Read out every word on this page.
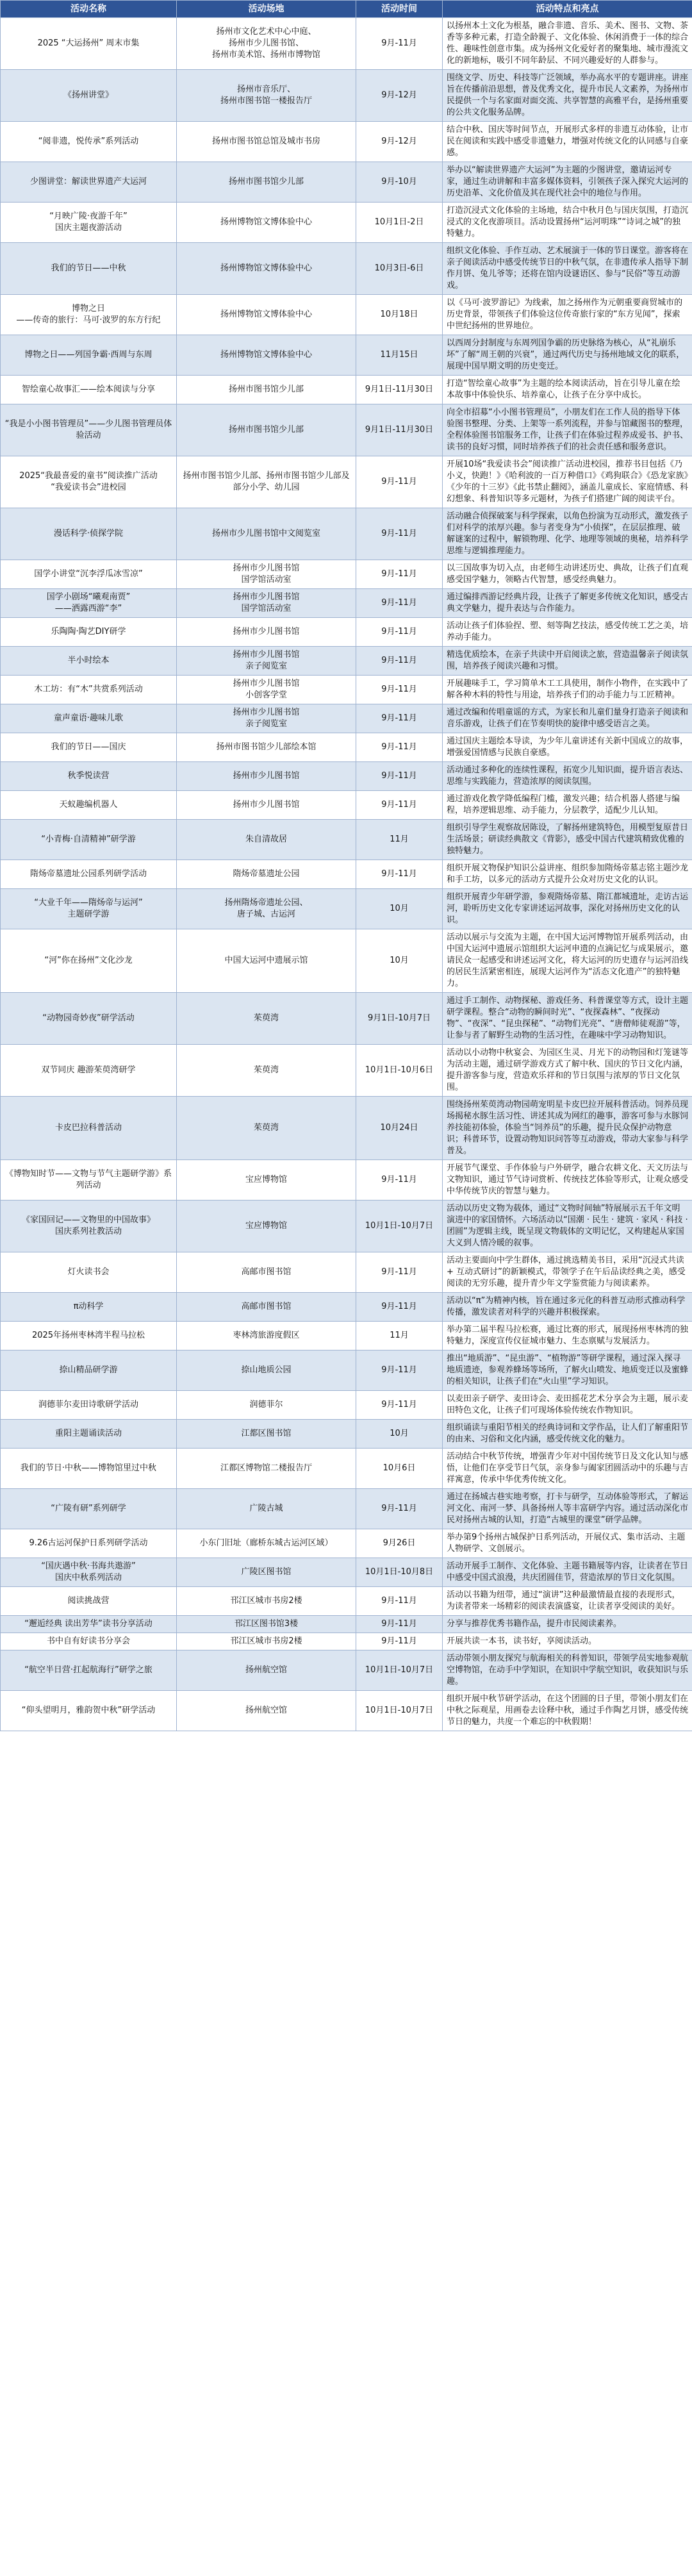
活动名称	活动场地	活动时间	活动特点和亮点
2025 “大运扬州” 周末市集	扬州市文化艺术中心中庭、
扬州市少儿图书馆、
扬州市美术馆、扬州市博物馆	9月-11月	以扬州本土文化为根基，融合非遗、音乐、美术、图书、文物、茶香等多种元素，打造全龄親子、文化体验、休闲消费于一体的综合性、趣味性创意市集。成为扬州文化爱好者的聚集地、城市漫流文化的新地标，吸引不同年龄层、不同兴趣爱好的人群参与。
《扬州讲堂》	扬州市音乐厅、
扬州市图书馆一楼报告厅	9月-12月	围绕文学、历史、科技等广泛领域，举办高水平的专题讲座。讲座旨在传播前沿思想，普及优秀文化，提升市民人文素养，为扬州市民提供一个与名家面对面交流、共享智慧的高雅平台，是扬州重要的公共文化服务品牌。
“阅非遗，悦传承”系列活动	扬州市图书馆总馆及城市书房	9月-12月	结合中秋、国庆等时间节点，开展形式多样的非遗互动体验，让市民在阅读和实践中感受非遗魅力，增强对传统文化的认同感与自豪感。
少图讲堂：解读世界遗产大运河	扬州市图书馆少儿部	9月-10月	举办以“解读世界遗产大运河”为主题的少图讲堂，邀请运河专家，通过生动讲解和丰富多媒体资料，引领孩子深入探究大运河的历史沿革、文化价值及其在现代社会中的地位与作用。
“月映广陵·夜游千年”
国庆主题夜游活动	扬州博物馆文博体验中心	10月1日-2日	打造沉浸式文化体验的主场地，结合中秋月色与国庆氛围，打造沉浸式的文化夜游项目。活动设置扬州“运河明珠”“诗词之城”的独特魅力。
我们的节日——中秋	扬州博物馆文博体验中心	10月3日-6日	组织文化体验、手作互动、艺术展演于一体的节日课堂。游客将在亲子阅读活动中感受传统节日的中秋气氛，在非遗传承人指导下制作月饼、兔儿爷等；还将在馆内设谜语区、参与“民俗”等互动游戏。
博物之日
——传奇的旅行：马可·波罗的东方行纪	扬州博物馆文博体验中心	10月18日	以《马可·波罗游记》为线索，加之扬州作为元朝重要商贸城市的历史背景，带领孩子们体验这位传奇旅行家的“东方见闻”，探索中世纪扬州的世界地位。
博物之日——列国争霸·西周与东周	扬州博物馆文博体验中心	11月15日	以西周分封制度与东周列国争霸的历史脉络为核心，从“礼崩乐坏”了解“周王朝的兴衰”，通过两代历史与扬州地域文化的联系，展现中国早期文明的历史变迁。
智绘童心故事汇——绘本阅读与分享	扬州市图书馆少儿部	9月1日-11月30日	打造“智绘童心故事”为主题的绘本阅读活动，旨在引导儿童在绘本故事中体验快乐、培养童心，让孩子在分享中成长。
“我是小小图书管理员”——少儿图书管理员体验活动	扬州市图书馆少儿部	9月1日-11月30日	向全市招募“小小图书管理员”，小朋友们在工作人员的指导下体验图书整理、分类、上架等一系列流程，并参与馆藏图书的整理，全程体验图书馆服务工作，让孩子们在体验过程养成爱书、护书、读书的良好习惯，同时培养孩子们的社会责任感和服务意识。
2025“我最喜爱的童书”阅读推广活动
“我爱读书会”进校园	扬州市图书馆少儿部、扬州市图书馆少儿部及部分小学、幼儿园	9月-11月	开展10场“我爱读书会”阅读推广活动进校园，推荐书目包括《乃小义，快跑！》《哈利波的一百万种借口》《鸡狗联合》《恐龙家族》《少年的十三岁》《此书禁止翻阅》，涵盖儿童成长、家庭情感、科幻想象、科普知识等多元题材，为孩子们搭建广阔的阅读平台。
漫话科学·侦探学院	扬州市少儿图书馆中文阅览室	9月-11月	活动融合侦探破案与科学探索，以角色扮演为互动形式，激发孩子们对科学的浓厚兴趣。参与者变身为“小侦探”，在层层推理、破解谜案的过程中，解锁物理、化学、地理等领域的奥秘，培养科学思维与逻辑推理能力。
国学小讲堂“沉李浮瓜冰雪凉”	扬州市少儿图书馆
国学馆活动室	9月-11月	以三国故事为切入点，由老师生动讲述历史、典故，让孩子们直观感受国学魅力，领略古代智慧，感受经典魅力。
国学小剧场“曦观南贾”
——洒露西游“李”	扬州市少儿图书馆
国学馆活动室	9月-11月	通过编排西游记经典片段，让孩子了解更多传统文化知识，感受古典文学魅力，提升表达与合作能力。
乐陶陶·陶艺DIY研学	扬州市少儿图书馆	9月-11月	活动让孩子们体验捏、塑、刻等陶艺技法，感受传统工艺之美，培养动手能力。
半小时绘本	扬州市少儿图书馆
亲子阅览室	9月-11月	精选优质绘本，在亲子共读中开启阅读之旅，营造温馨亲子阅读氛围，培养孩子阅读兴趣和习惯。
木工坊：有“木”共赏系列活动	扬州市少儿图书馆
小创客学堂	9月-11月	开展趣味手工，学习简单木工工具使用，制作小物件，在实践中了解各种木料的特性与用途，培养孩子们的动手能力与工匠精神。
童声童语·趣味儿歌	扬州市少儿图书馆
亲子阅览室	9月-11月	通过改编和传唱童谣的方式，为家长和儿童们量身打造亲子阅读和音乐游戏，让孩子们在节奏明快的旋律中感受语言之美。
我们的节日——国庆	扬州市图书馆少儿部绘本馆	9月-11月	通过国庆主题绘本导读，为少年儿童讲述有关新中国成立的故事，增强爱国情感与民族自豪感。
秋季悦读营	扬州市少儿图书馆	9月-11月	活动通过多种化的连续性课程，拓宽少儿知识面，提升语言表达、思维与实践能力，营造浓厚的阅读氛围。
天蚁趣编机器人	扬州市少儿图书馆	9月-11月	通过游戏化教学降低编程门槛，激发兴趣；结合机器人搭建与编程，培养逻辑思维、动手能力，分层教学，适配少儿认知。
“小青梅·自清精神”研学游	朱自清故居	11月	组织引导学生观察故居陈设，了解扬州建筑特色，用模型复原昔日生活场景；研读经典散文《背影》，感受中国古代建筑精致优雅的独特魅力。
隋炀帝墓遗址公园系列研学活动	隋炀帝墓遗址公园	9月-11月	组织开展文物保护知识公益讲座、组织参加隋炀帝墓志铭主题沙龙和手工坊，以多元的活动方式提升公众对历史文化的认识。
“大业千年——隋炀帝与运河”
主题研学游	扬州隋炀帝遗址公园、
唐子城、古运河	10月	组织开展青少年研学游，参观隋炀帝墓、隋江都城遗址，走访古运河，聆听历史文化专家讲述运河故事，深化对扬州历史文化的认识。
“河”你在扬州”文化沙龙	中国大运河中遗展示馆	10月	活动以展示与交流为主题，在中国大运河博物馆开展系列活动，由中国大运河中遗展示馆组织大运河申遗的点滴记忆与成果展示，邀请民众一起感受和讲述运河文化，将大运河的历史遗存与运河沿线的居民生活紧密相连，展现大运河作为“活态文化遗产”的独特魅力。
“动物园奇妙夜”研学活动	茱萸湾	9月1日-10月7日	通过手工制作、动物探秘、游戏任务、科普课堂等方式，设计主题研学课程。整合“动物的瞬间时光”、“夜探森林”、“夜探动物”、“夜深”、“昆虫探秘”、“动物们光亮”、“唐僧师徒观游”等，让参与者了解野生动物的生活习性，在趣味中学习动物知识。
双节同庆 趣游茱萸湾研学	茱萸湾	10月1日-10月6日	活动以小动物中秋宴会、为园区生灵、月光下的动物园和灯笼谜等为活动主题，通过研学游戏方式了解中秋、国庆的节日文化内涵，提升游客参与度，营造欢乐祥和的节日氛围与浓厚的节日文化氛围。
卡皮巴拉科普活动	茱萸湾	10月24日	围绕扬州茱萸湾动物园萌宠明星卡皮巴拉开展科普活动。饲养员现场揭秘水豚生活习性、讲述其成为网红的趣事，游客可参与水豚饲养技能初体验，体验当“饲养员”的乐趣，提升民众保护动物意识；科普环节，设置动物知识问答等互动游戏，带动大家参与科学普及。
《博物知时节——文物与节气主题研学游》系列活动	宝应博物馆	9月-11月	开展节气课堂、手作体验与户外研学，融合农耕文化、天文历法与文物知识，通过节气诗词赏析、传统技艺体验等形式，让观众感受中华传统节庆的智慧与魅力。
《家国回记——文物里的中国故事》
国庆系列社教活动	宝应博物馆	10月1日-10月7日	活动以历史文物为载体，通过“文物时间轴”特展展示五千年文明演进中的家国情怀。六场活动以“国潮 · 民生 · 建筑 · 家风 · 科技 · 团圆”为逻辑主线，既呈现文物载体的文明记忆，又构建起从家国大义到人情冷暖的叙事。
灯火读书会	高邮市图书馆	9月-11月	活动主要面向中学生群体，通过挑选精美书目，采用“沉浸式共读 + 互动式研讨”的新颖模式，带领学子在午后品读经典之美，感受阅读的无穷乐趣，提升青少年文学鉴赏能力与阅读素养。
π动科学	高邮市图书馆	9月-11月	活动以“π”为精神内核，旨在通过多元化的科普互动形式推动科学传播，激发读者对科学的兴趣并积极探索。
2025年扬州枣林湾半程马拉松	枣林湾旅游度假区	11月	举办第二届半程马拉松赛，通过比赛的形式，展现扬州枣林湾的独特魅力，深度宣传仪征城市魅力、生态禀赋与发展活力。
捺山精品研学游	捺山地质公园	9月-11月	推出“地质游”、“昆虫游”、“植物游”等研学课程，通过深入探寻地质遗迹，参观养蜂场等场所，了解火山喷发、地质变迁以及蜜蜂的相关知识，让孩子们在“火山里”学习知识。
润德菲尔麦田诗歌研学活动	润德菲尔	9月-11月	以麦田亲子研学、麦田诗会、麦田摇花艺术分享会为主题，展示麦田特色文化，让孩子们可现场体验传统农作物知识。
重阳主题诵读活动	江都区图书馆	10月	组织诵读与重阳节相关的经典诗词和文学作品，让人们了解重阳节的由来、习俗和文化内涵，感受传统文化的魅力。
我们的节日·中秋——博物馆里过中秋	江都区博物馆二楼报告厅	10月6日	活动结合中秋节传统，增强青少年对中国传统节日及文化认知与感悟，让他们在享受节日气氛，亲身参与阖家团圆活动中的乐趣与吉祥寓意，传承中华优秀传统文化。
“广陵有研”系列研学	广陵古城	9月-11月	通过在扬城古巷实地考察，打卡与研学，互动体验等形式，了解运河文化、南河一梦、具备扬州人等丰富研学内容。通过活动深化市民对扬州古城的认知，打造“古城里的课堂”研学品牌。
9.26古运河保护日系列研学活动	小东门旧址（廊桥东城古运河区域）	9月26日	举办第9个扬州古城保护日系列活动，开展仪式、集市活动、主题人物研学、文创展示。
“国庆遇中秋·书海共遨游”
国庆中秋系列活动	广陵区图书馆	10月1日-10月8日	活动开展手工制作、文化体验、主题书籍展等内容，让读者在节日中感受中国式浪漫，共庆团圆佳节，营造浓厚的节日文化氛围。
阅读挑战营	邗江区城市书房2楼	9月-11月	活动以书籍为纽带，通过“演讲”这种最激情最直接的表现形式，为读者带来一场精彩的阅读表演盛宴，让读者享受阅读的美好。
“邂逅经典 读出芳华”读书分享活动	邗江区图书馆3楼	9月-11月	分享与推荐优秀书籍作品，提升市民阅读素养。
书中自有好读书分享会	邗江区城市书房2楼	9月-11月	开展共读一本书，读书好，享阅读活动。
“航空半日营·扛起航海行”研学之旅	扬州航空馆	10月1日-10月7日	活动带领小朋友探究与航海相关的科普知识，带领学员实地参观航空博物馆，在动手中学知识，在知识中学航空知识，收获知识与乐趣。
“仰头望明月，雅韵贺中秋”研学活动	扬州航空馆	10月1日-10月7日	组织开展中秋节研学活动，在这个团圆的日子里，带领小朋友们在中秋之际观星，用画卷去诠释中秋，通过手作陶艺月饼，感受传统节日的魅力，共度一个难忘的中秋假期！
